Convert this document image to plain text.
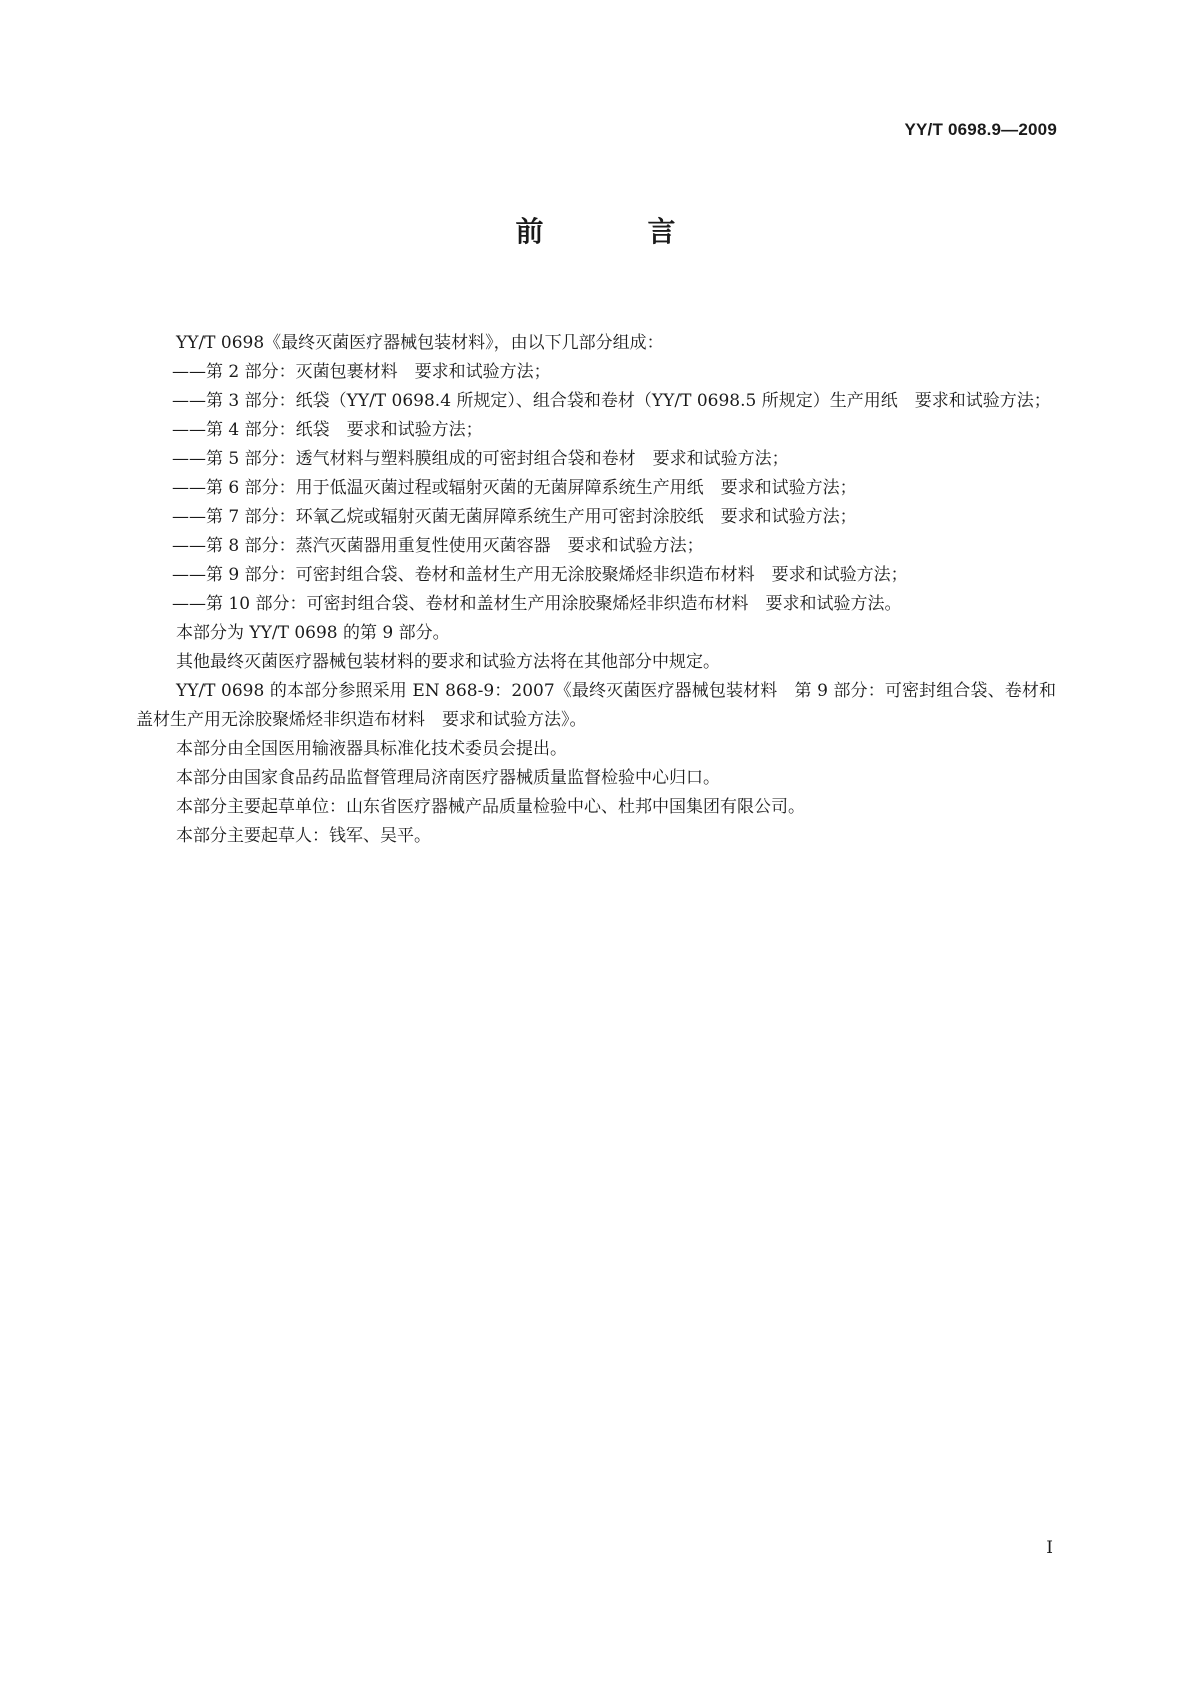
YY/T 0698.9—2009

前　言

YY/T 0698《最终灭菌医疗器械包装材料》，由以下几部分组成：

——第 2 部分：灭菌包裹材料　要求和试验方法；

——第 3 部分：纸袋（YY/T 0698.4 所规定）、组合袋和卷材（YY/T 0698.5 所规定）生产用纸　要求和试验方法；

——第 4 部分：纸袋　要求和试验方法；

——第 5 部分：透气材料与塑料膜组成的可密封组合袋和卷材　要求和试验方法；

——第 6 部分：用于低温灭菌过程或辐射灭菌的无菌屏障系统生产用纸　要求和试验方法；

——第 7 部分：环氧乙烷或辐射灭菌无菌屏障系统生产用可密封涂胶纸　要求和试验方法；

——第 8 部分：蒸汽灭菌器用重复性使用灭菌容器　要求和试验方法；

——第 9 部分：可密封组合袋、卷材和盖材生产用无涂胶聚烯烃非织造布材料　要求和试验方法；

——第 10 部分：可密封组合袋、卷材和盖材生产用涂胶聚烯烃非织造布材料　要求和试验方法。

本部分为 YY/T 0698 的第 9 部分。

其他最终灭菌医疗器械包装材料的要求和试验方法将在其他部分中规定。

YY/T 0698 的本部分参照采用 EN 868-9：2007《最终灭菌医疗器械包装材料　第 9 部分：可密封组合袋、卷材和盖材生产用无涂胶聚烯烃非织造布材料　要求和试验方法》。

本部分由全国医用输液器具标准化技术委员会提出。

本部分由国家食品药品监督管理局济南医疗器械质量监督检验中心归口。

本部分主要起草单位：山东省医疗器械产品质量检验中心、杜邦中国集团有限公司。

本部分主要起草人：钱军、吴平。

I
